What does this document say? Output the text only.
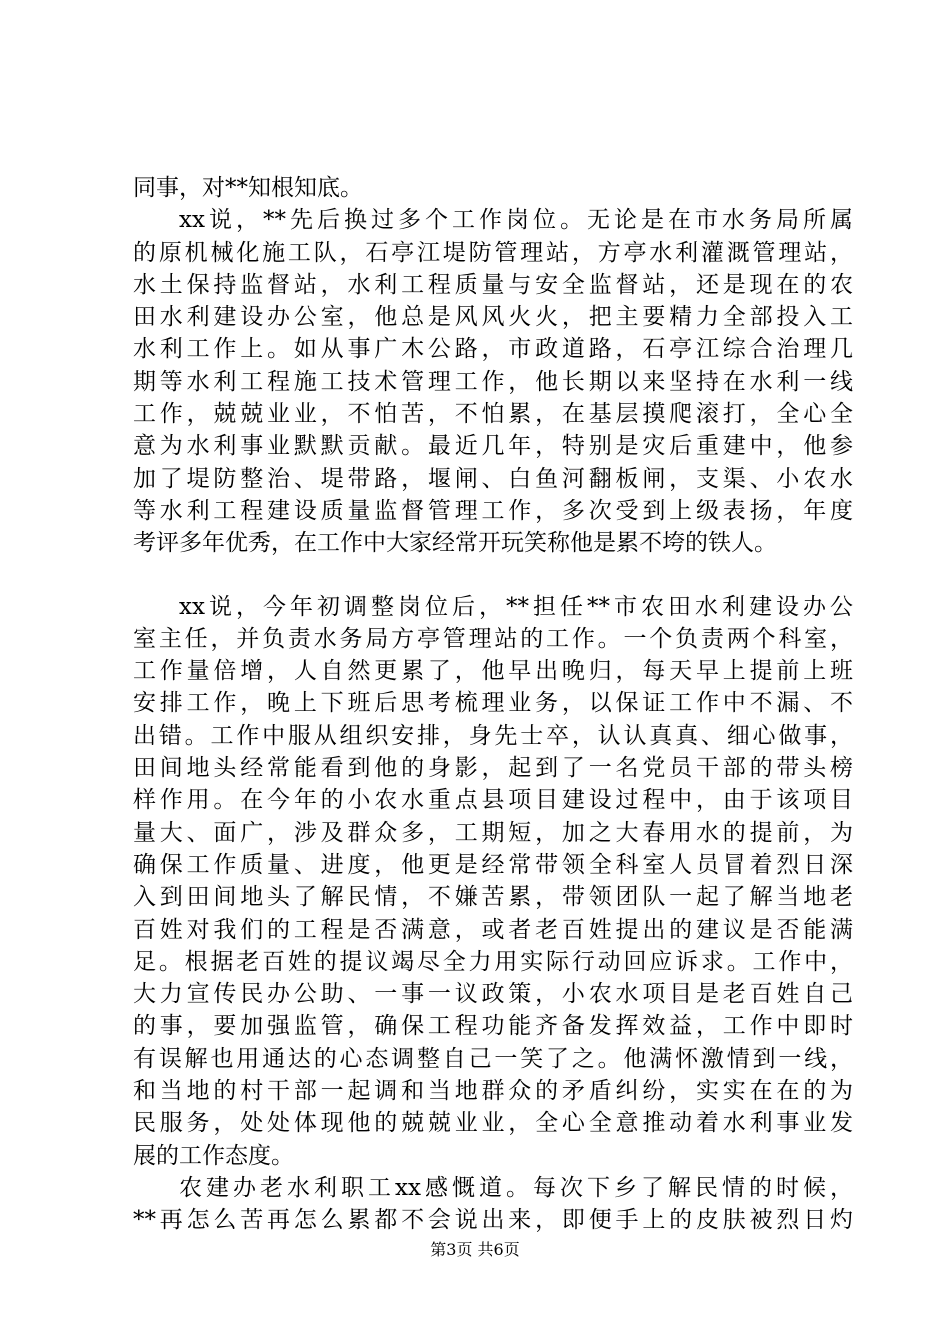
同事，对**知根知底。
xx说，**先后换过多个工作岗位。无论是在市水务局所属
的原机械化施工队，石亭江堤防管理站，方亭水利灌溉管理站，
水土保持监督站，水利工程质量与安全监督站，还是现在的农
田水利建设办公室，他总是风风火火，把主要精力全部投入工
水利工作上。如从事广木公路，市政道路，石亭江综合治理几
期等水利工程施工技术管理工作，他长期以来坚持在水利一线
工作，兢兢业业，不怕苦，不怕累，在基层摸爬滚打，全心全
意为水利事业默默贡献。最近几年，特别是灾后重建中，他参
加了堤防整治、堤带路，堰闸、白鱼河翻板闸，支渠、小农水
等水利工程建设质量监督管理工作，多次受到上级表扬，年度
考评多年优秀，在工作中大家经常开玩笑称他是累不垮的铁人。
xx说，今年初调整岗位后，**担任**市农田水利建设办公
室主任，并负责水务局方亭管理站的工作。一个负责两个科室，
工作量倍增，人自然更累了，他早出晚归，每天早上提前上班
安排工作，晚上下班后思考梳理业务，以保证工作中不漏、不
出错。工作中服从组织安排，身先士卒，认认真真、细心做事，
田间地头经常能看到他的身影，起到了一名党员干部的带头榜
样作用。在今年的小农水重点县项目建设过程中，由于该项目
量大、面广，涉及群众多，工期短，加之大春用水的提前，为
确保工作质量、进度，他更是经常带领全科室人员冒着烈日深
入到田间地头了解民情，不嫌苦累，带领团队一起了解当地老
百姓对我们的工程是否满意，或者老百姓提出的建议是否能满
足。根据老百姓的提议竭尽全力用实际行动回应诉求。工作中，
大力宣传民办公助、一事一议政策，小农水项目是老百姓自己
的事，要加强监管，确保工程功能齐备发挥效益，工作中即时
有误解也用通达的心态调整自己一笑了之。他满怀激情到一线，
和当地的村干部一起调和当地群众的矛盾纠纷，实实在在的为
民服务，处处体现他的兢兢业业，全心全意推动着水利事业发
展的工作态度。
农建办老水利职工xx感慨道。每次下乡了解民情的时候，
**再怎么苦再怎么累都不会说出来，即便手上的皮肤被烈日灼
第3页 共6页
